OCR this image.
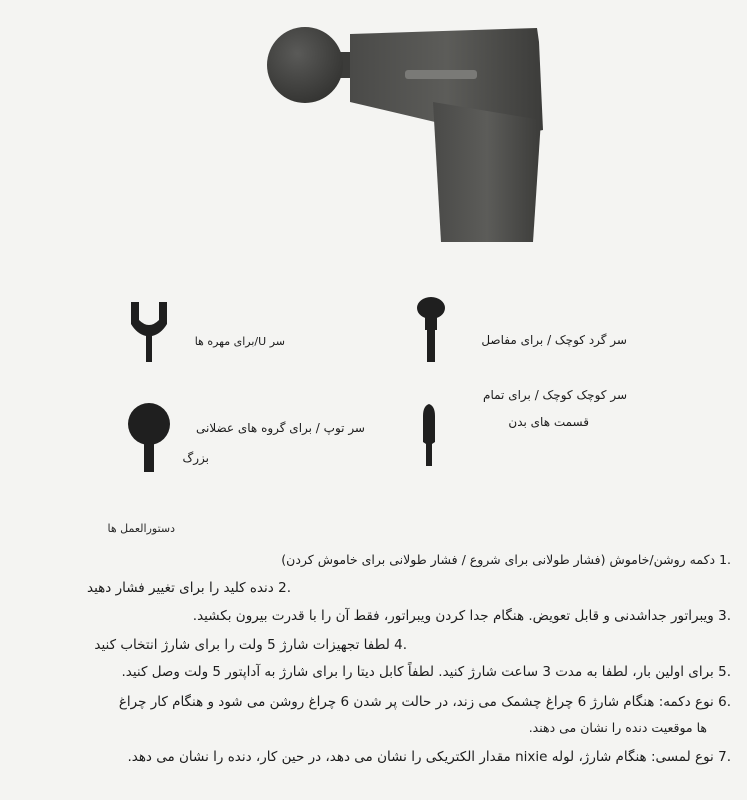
سر U/برای مهره ها	سر گرد کوچک / برای مفاصل
سر کوچک کوچک / برای تمام
قسمت های بدن
سر توپ / برای گروه های عضلانی
بزرگ
دستورالعمل ها
.1 دکمه روشن/خاموش (فشار طولانی برای شروع / فشار طولانی برای خاموش کردن)
.2 دنده کلید را برای تغییر فشار دهید
.3 ویبراتور جداشدنی و قابل تعویض. هنگام جدا کردن ویبراتور، فقط آن را با قدرت بیرون بکشید.
.4 لطفا تجهیزات شارژ 5 ولت را برای شارژ انتخاب کنید
.5 برای اولین بار، لطفا به مدت 3 ساعت شارژ کنید. لطفاً کابل دیتا را برای شارژ به آداپتور 5 ولت وصل کنید.
.6 نوع دکمه: هنگام شارژ 6 چراغ چشمک می زند، در حالت پر شدن 6 چراغ روشن می شود و هنگام کار چراغ
ها موقعیت دنده را نشان می دهند.
.7 نوع لمسی: هنگام شارژ، لوله nixie مقدار الکتریکی را نشان می دهد، در حین کار، دنده را نشان می دهد.
